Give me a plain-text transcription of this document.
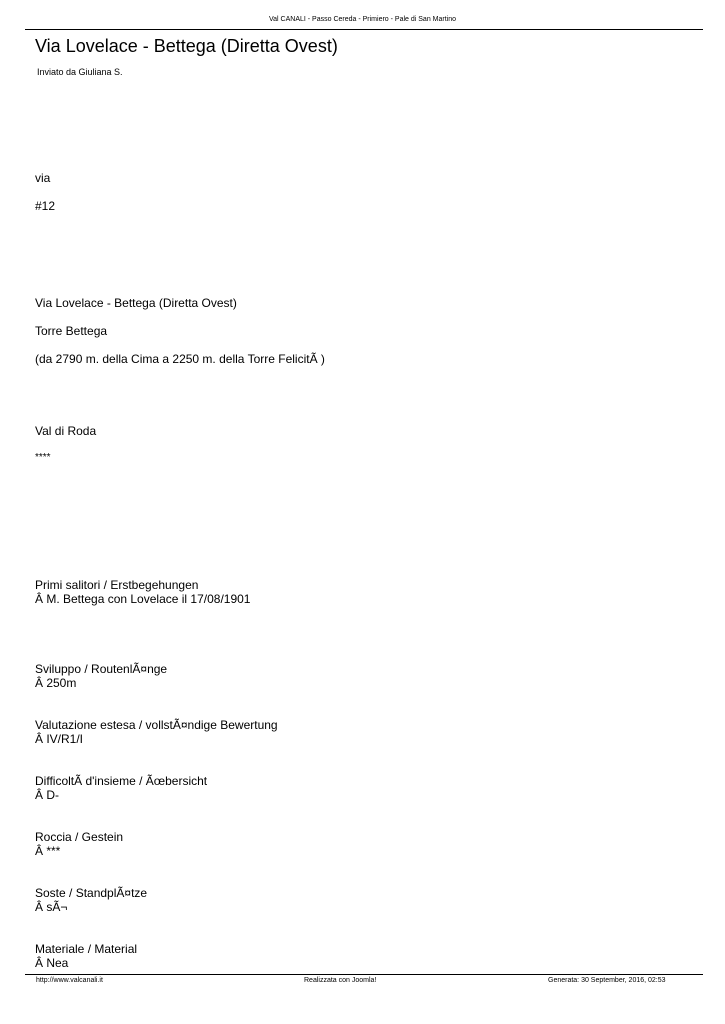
Val CANALI - Passo Cereda - Primiero - Pale di San Martino
Via Lovelace - Bettega (Diretta Ovest)
Inviato da Giuliana S.
via
#12
Via Lovelace - Bettega (Diretta Ovest)
Torre Bettega
(da 2790 m. della Cima a 2250 m. della Torre FelicitÃ )
Val di Roda
****
Primi salitori / Erstbegehungen
Â M. Bettega con Lovelace il 17/08/1901
Sviluppo / RoutenlÃ¤nge
Â 250m
Valutazione estesa / vollstÃ¤ndige Bewertung
Â IV/R1/I
DifficoltÃ d'insieme / Ãœbersicht
Â D-
Roccia / Gestein
Â ***
Soste / StandplÃ¤tze
Â sÃ¬
Materiale / Material
Â Nea
http://www.valcanali.it	Realizzata con Joomla!	Generata: 30 September, 2016, 02:53
